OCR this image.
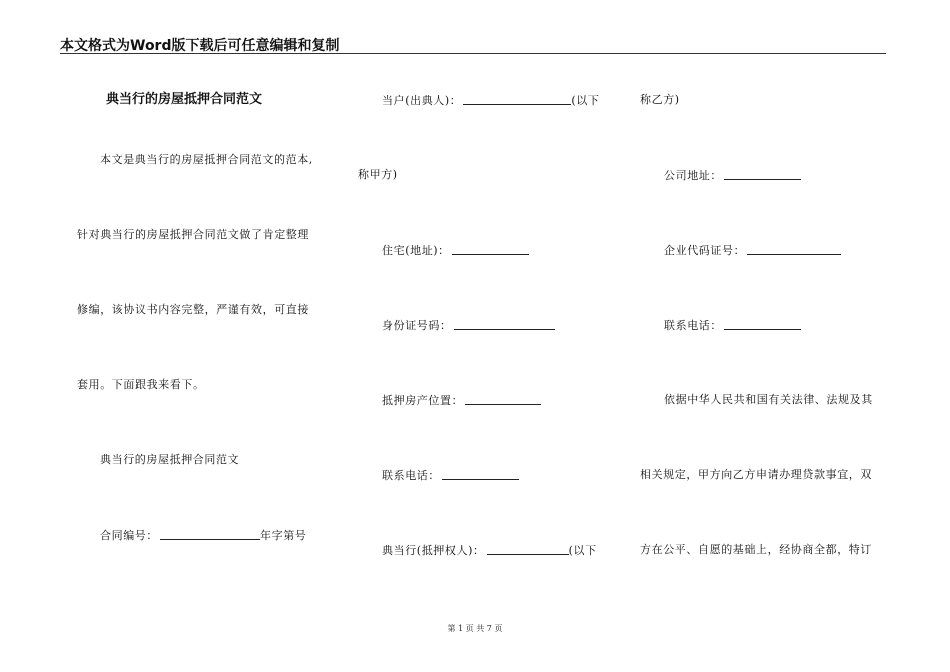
本文格式为Word版下载后可任意编辑和复制
典当行的房屋抵押合同范文
本文是典当行的房屋抵押合同范文的范本,
针对典当行的房屋抵押合同范文做了肯定整理
修编，该协议书内容完整，严谨有效，可直接
套用。下面跟我来看下。
典当行的房屋抵押合同范文
合同编号：	年字第号
当户(出典人)：	(以下
称甲方)
住宅(地址)：
身份证号码：
抵押房产位置：
联系电话：
典当行(抵押权人)：	(以下
称乙方)
公司地址：
企业代码证号：
联系电话：
依据中华人民共和国有关法律、法规及其
相关规定，甲方向乙方申请办理贷款事宜，双
方在公平、自愿的基础上，经协商全都，特订
第 1 页 共 7 页
